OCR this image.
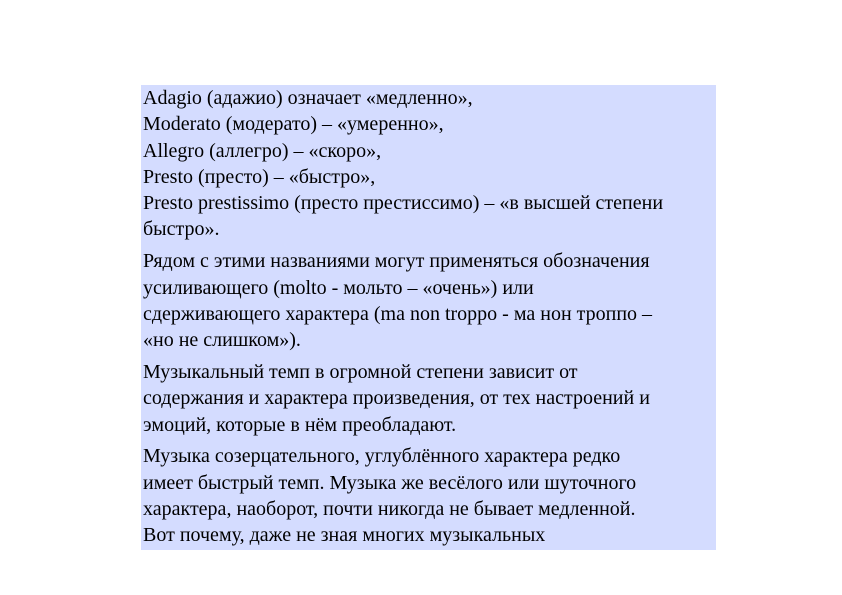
Adagio (адажио) означает «медленно»,
Moderato (модерато) – «умеренно»,
Allegro (аллегро) – «скоро»,
Presto (престо) – «быстро»,
Presto prestissimo (престо престиссимо) – «в высшей степени
быстро».

Рядом с этими названиями могут применяться обозначения
усиливающего (molto - мольто – «очень») или
сдерживающего характера (ma non troppo - ма нон троппо –
«но не слишком»).

Музыкальный темп в огромной степени зависит от
содержания и характера произведения, от тех настроений и
эмоций, которые в нём преобладают.

Музыка созерцательного, углублённого характера редко
имеет быстрый темп. Музыка же весёлого или шуточного
характера, наоборот, почти никогда не бывает медленной.
Вот почему, даже не зная многих музыкальных
